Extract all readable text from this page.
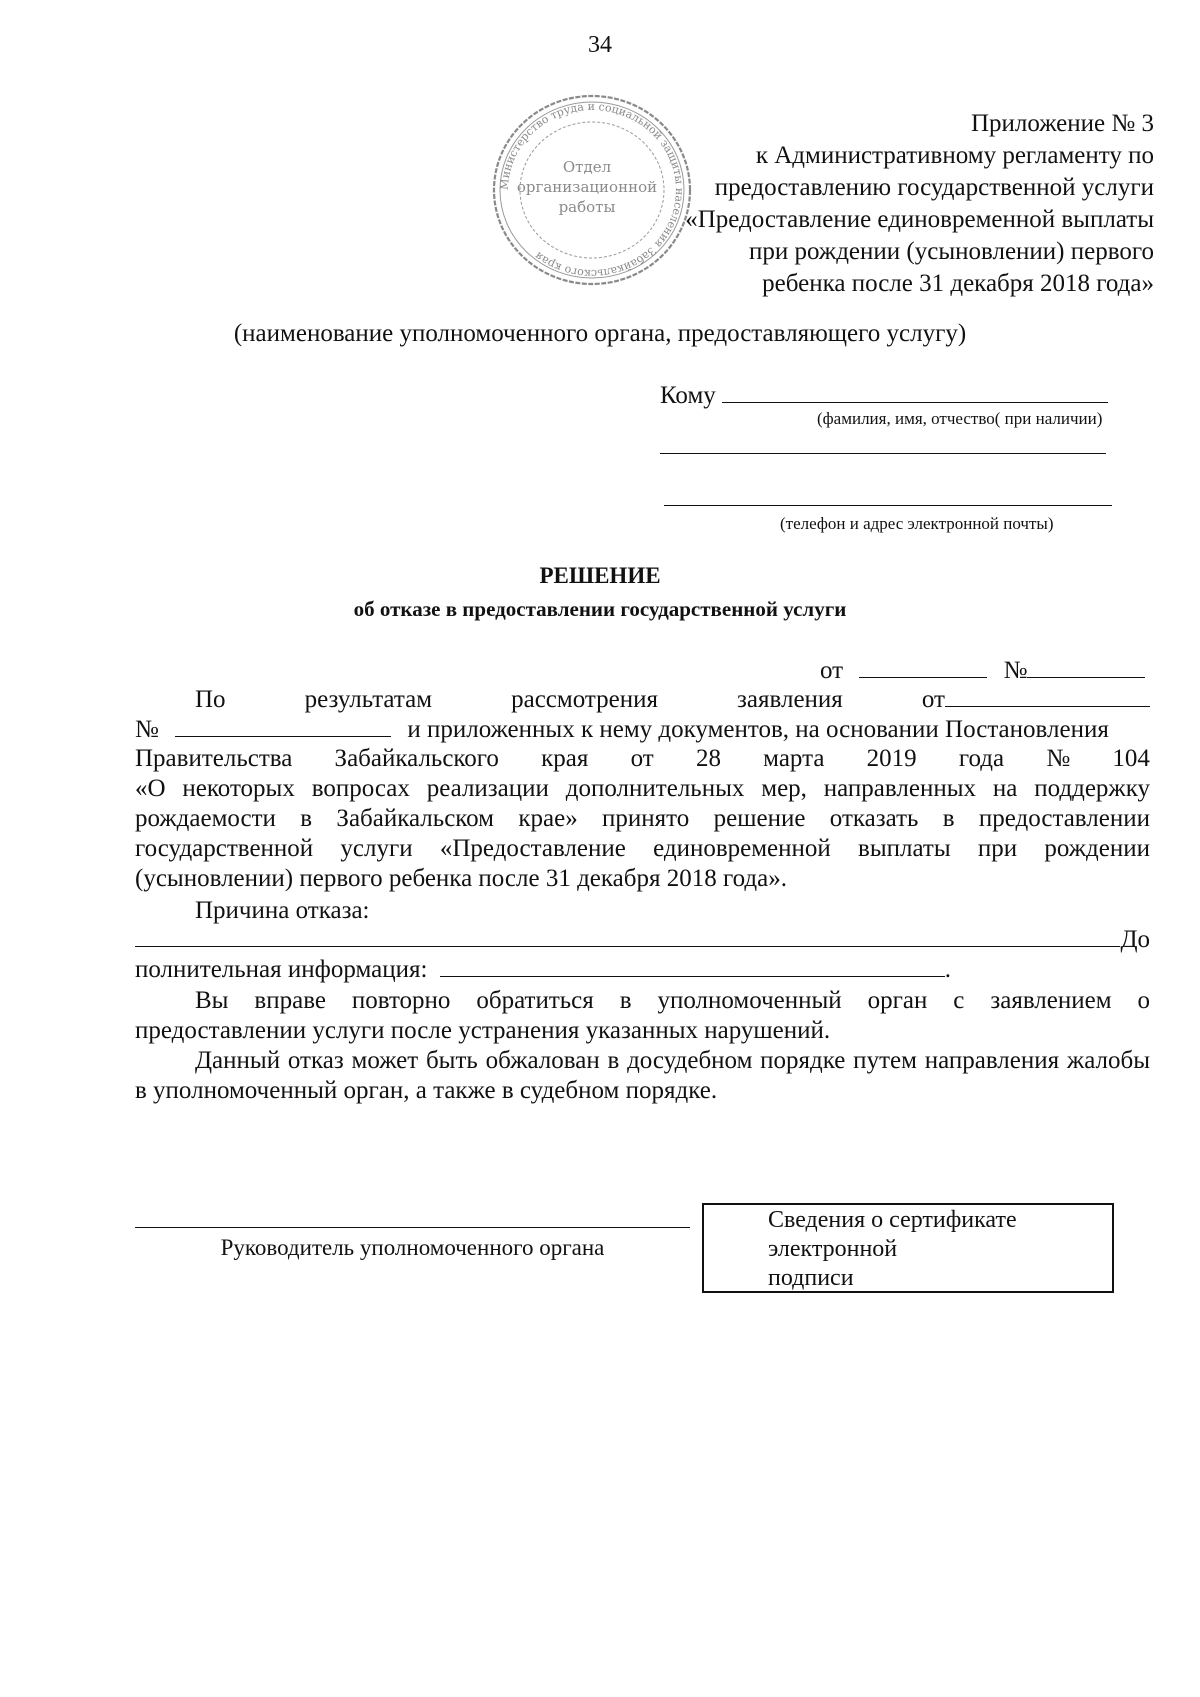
34
Министерство труда и социальной защиты населения Забайкальского края
Отдел
организационной
работы
Приложение № 3
к Административному регламенту по
предоставлению государственной услуги
«Предоставление единовременной выплаты
при рождении (усыновлении) первого
ребенка после 31 декабря 2018 года»
(наименование уполномоченного органа, предоставляющего услугу)
Кому
(фамилия, имя, отчество( при наличии)
(телефон и адрес электронной почты)
РЕШЕНИЕ
об отказе в предоставлении государственной услуги
от	№
По	результатам	рассмотрения	заявления	от
№	и приложенных к нему документов, на основании Постановления
Правительства Забайкальского края от 28 марта 2019 года № 104
«О некоторых вопросах реализации дополнительных мер, направленных на поддержку рождаемости в Забайкальском крае» принято решение отказать в предоставлении государственной услуги «Предоставление единовременной выплаты при рождении (усыновлении) первого ребенка после 31 декабря 2018 года».
Причина отказа:
До
полнительная информация:	.
Вы вправе повторно обратиться в уполномоченный орган с заявлением о предоставлении услуги после устранения указанных нарушений.
Данный отказ может быть обжалован в досудебном порядке путем направления жалобы в уполномоченный орган, а также в судебном порядке.
Руководитель уполномоченного органа
Сведения о сертификате
электронной
подписи
